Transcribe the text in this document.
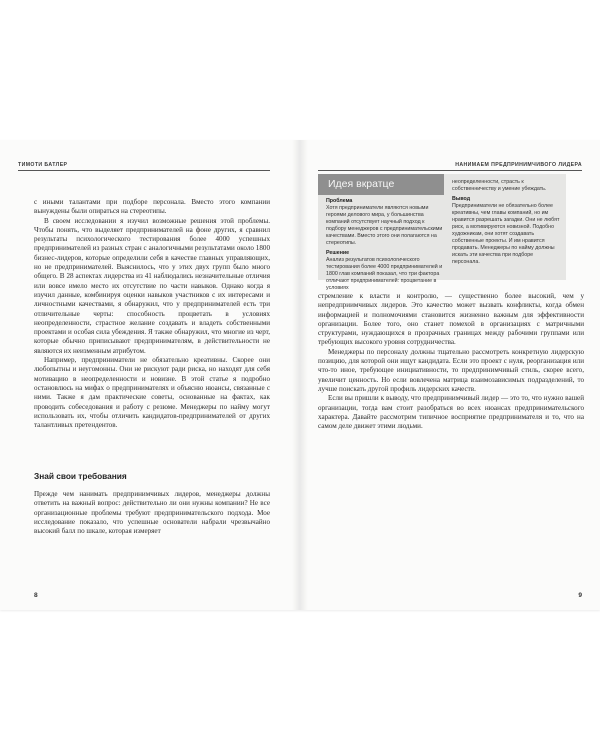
ТИМОТИ БАТЛЕР

с иными талантами при подборе персонала. Вместо этого компании вынуждены были опираться на стереотипы.

В своем исследовании я изучил возможные решения этой проблемы. Чтобы понять, что выделяет предпринимателей на фоне других, я сравнил результаты психологического тестирования более 4000 успешных предпринимателей из разных стран с аналогичными результатами около 1800 бизнес-лидеров, которые определили себя в качестве главных управляющих, но не предпринимателей. Выяснилось, что у этих двух групп было много общего. В 28 аспектах лидерства из 41 наблюдались незначительные отличия или вовсе имело место их отсутствие по части навыков. Однако когда я изучил данные, комбинируя оценки навыков участников с их интересами и личностными качествами, я обнаружил, что у предпринимателей есть три отличительные черты: способность процветать в условиях неопределенности, страстное желание создавать и владеть собственными проектами и особая сила убеждения. Я также обнаружил, что многие из черт, которые обычно приписывают предпринимателям, в действительности не являются их неизменным атрибутом.

Например, предприниматели не обязательно креативны. Скорее они любопытны и неугомонны. Они не рискуют ради риска, но находят для себя мотивацию в неопределенности и новизне. В этой статье я подробно остановлюсь на мифах о предпринимателях и объясню нюансы, связанные с ними. Также я дам практические советы, основанные на фактах, как проводить собеседования и работу с резюме. Менеджеры по найму могут использовать их, чтобы отличить кандидатов-предпринимателей от других талантливых претендентов.

Знай свои требования

Прежде чем нанимать предпринимчивых лидеров, менеджеры должны ответить на важный вопрос: действительно ли они нужны компании? Не все организационные проблемы требуют предпринимательского подхода. Мое исследование показало, что успешные основатели набрали чрезвычайно высокий балл по шкале, которая измеряет

8
НАНИМАЕМ ПРЕДПРИНИМЧИВОГО ЛИДЕРА
Идея вкратце
Проблема
Хотя предприниматели являются новыми героями делового мира, у большинства компаний отсутствует научный подход к подбору менеджеров с предпринимательскими качествами. Вместо этого они полагаются на стереотипы.
Решение
Анализ результатов психологического тестирования более 4000 предпринимателей и 1800 глав компаний показал, что три фактора отличают предпринимателей: процветание в условиях
неопределенности, страсть к собственничеству и умение убеждать.
Вывод
Предприниматели не обязательно более креативны, чем главы компаний, но им нравится разрешать загадки. Они не любят риск, а мотивируются новизной. Подобно художникам, они хотят создавать собственные проекты. И им нравится продавать. Менеджеры по найму должны искать эти качества при подборе персонала.

стремление к власти и контролю, — существенно более высокий, чем у непредприимчивых лидеров. Это качество может вызвать конфликты, когда обмен информацией и полномочиями становится жизненно важным для эффективности организации. Более того, оно станет помехой в организациях с матричными структурами, нуждающихся в прозрачных границах между рабочими группами или требующих высокого уровня сотрудничества.

Менеджеры по персоналу должны тщательно рассмотреть конкретную лидерскую позицию, для которой они ищут кандидата. Если это проект с нуля, реорганизация или что-то иное, требующее инициативности, то предпринимчивый стиль, скорее всего, увеличит ценность. Но если вовлечена матрица взаимозависимых подразделений, то лучше поискать другой профиль лидерских качеств.

Если вы пришли к выводу, что предпринимчивый лидер — это то, что нужно вашей организации, тогда вам стоит разобраться во всех нюансах предпринимательского характера. Давайте рассмотрим типичное восприятие предпринимателя и то, что на самом деле движет этими людьми.

9
